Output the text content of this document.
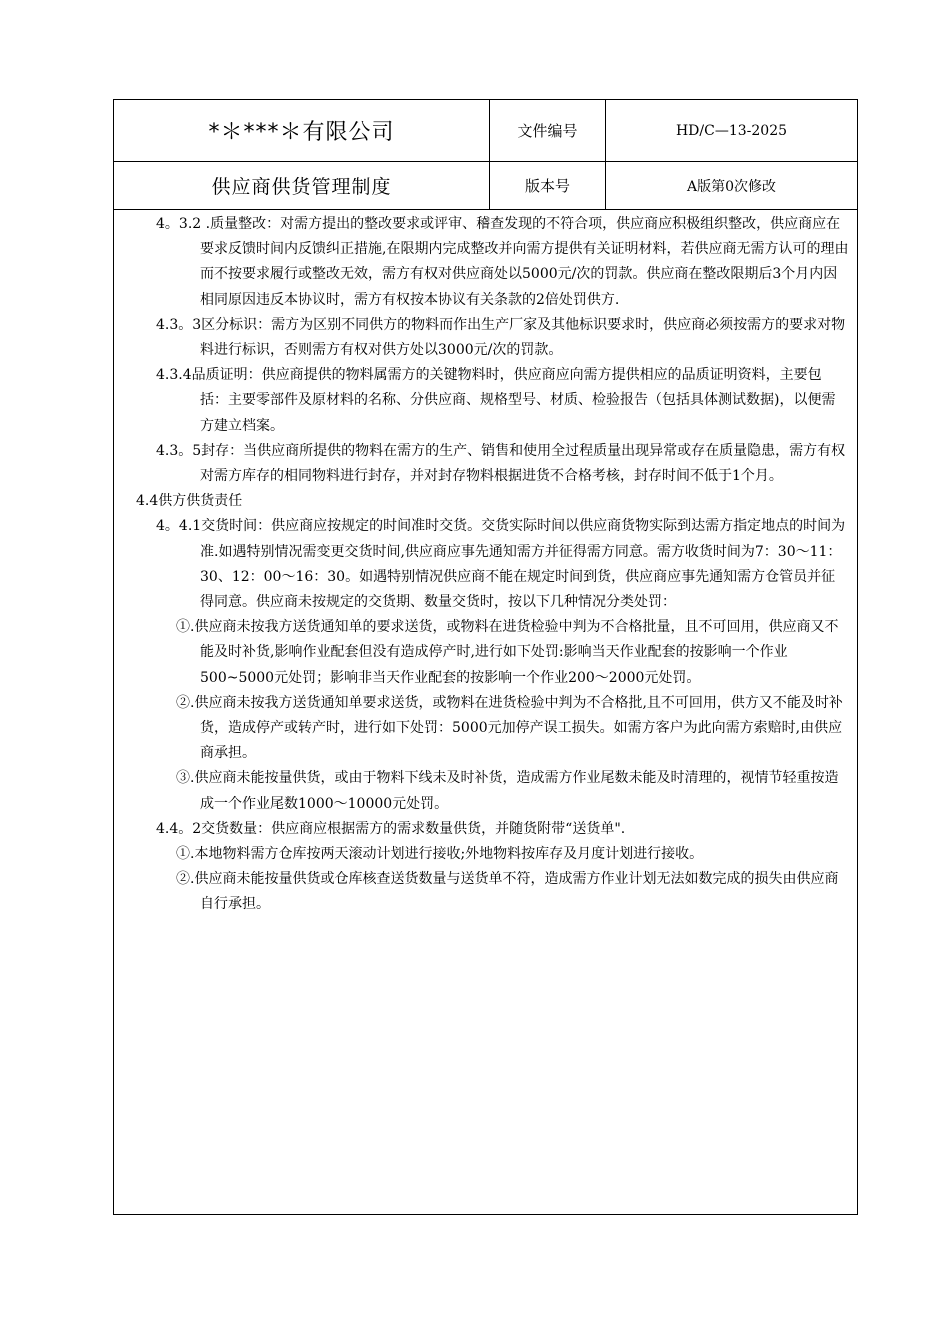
*＊***＊有限公司	文件编号	HD/C—13-2025
供应商供货管理制度	版本号	A版第0次修改
4。3.2 .质量整改：对需方提出的整改要求或评审、稽查发现的不符合项，供应商应积极组织整改，供应商应在要求反馈时间内反馈纠正措施,在限期内完成整改并向需方提供有关证明材料，若供应商无需方认可的理由而不按要求履行或整改无效，需方有权对供应商处以5000元/次的罚款。供应商在整改限期后3个月内因相同原因违反本协议时，需方有权按本协议有关条款的2倍处罚供方.
4.3。3区分标识：需方为区别不同供方的物料而作出生产厂家及其他标识要求时，供应商必须按需方的要求对物料进行标识，否则需方有权对供方处以3000元/次的罚款。
4.3.4品质证明：供应商提供的物料属需方的关键物料时，供应商应向需方提供相应的品质证明资料，主要包括：主要零部件及原材料的名称、分供应商、规格型号、材质、检验报告（包括具体测试数据)，以便需方建立档案。
4.3。5封存：当供应商所提供的物料在需方的生产、销售和使用全过程质量出现异常或存在质量隐患，需方有权对需方库存的相同物料进行封存，并对封存物料根据进货不合格考核，封存时间不低于1个月。
4.4供方供货责任
4。4.1交货时间：供应商应按规定的时间准时交货。交货实际时间以供应商货物实际到达需方指定地点的时间为准.如遇特别情况需变更交货时间,供应商应事先通知需方并征得需方同意。需方收货时间为7：30～11：30、12：00～16：30。如遇特别情况供应商不能在规定时间到货，供应商应事先通知需方仓管员并征得同意。供应商未按规定的交货期、数量交货时，按以下几种情况分类处罚：
①.供应商未按我方送货通知单的要求送货，或物料在进货检验中判为不合格批量，且不可回用，供应商又不能及时补货,影响作业配套但没有造成停产时,进行如下处罚:影响当天作业配套的按影响一个作业500~5000元处罚；影响非当天作业配套的按影响一个作业200～2000元处罚。
②.供应商未按我方送货通知单要求送货，或物料在进货检验中判为不合格批,且不可回用，供方又不能及时补货，造成停产或转产时，进行如下处罚：5000元加停产误工损失。如需方客户为此向需方索赔时,由供应商承担。
③.供应商未能按量供货，或由于物料下线未及时补货，造成需方作业尾数未能及时清理的，视情节轻重按造成一个作业尾数1000～10000元处罚。
4.4。2交货数量：供应商应根据需方的需求数量供货，并随货附带“送货单".
①.本地物料需方仓库按两天滚动计划进行接收;外地物料按库存及月度计划进行接收。
②.供应商未能按量供货或仓库核查送货数量与送货单不符，造成需方作业计划无法如数完成的损失由供应商自行承担。
